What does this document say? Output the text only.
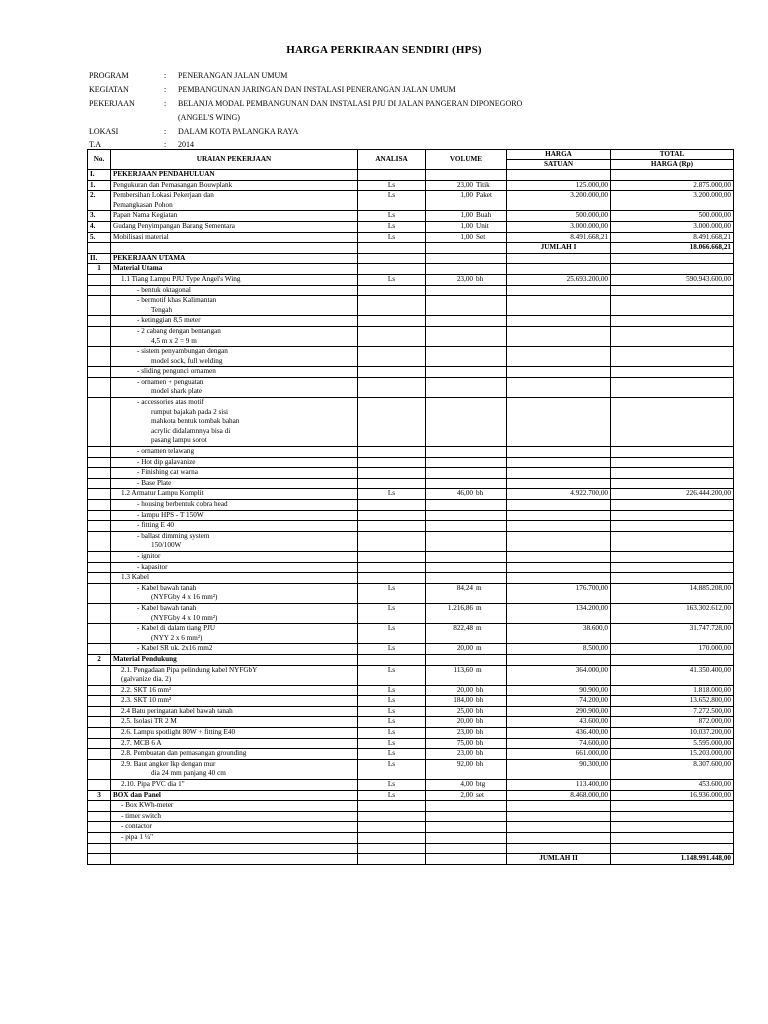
HARGA PERKIRAAN SENDIRI (HPS)
PROGRAM	: PENERANGAN JALAN UMUM
KEGIATAN	: PEMBANGUNAN JARINGAN DAN INSTALASI PENERANGAN JALAN UMUM
PEKERJAAN	: BELANJA MODAL PEMBANGUNAN DAN INSTALASI PJU DI JALAN PANGERAN DIPONEGORO
(ANGEL'S WING)
LOKASI	: DALAM KOTA PALANGKA RAYA
T.A	: 2014
No.	URAIAN PEKERJAAN	ANALISA	VOLUME	HARGA	TOTAL
				SATUAN	HARGA (Rp)
I.	PEKERJAAN PENDAHULUAN				
1.	Pengukuran dan Pemasangan Bouwplank	Ls	23,00 Titik	125.000,00	2.875.000,00
2.	Pembersihan Lokasi Pekerjaan dan	Ls	1,00 Paket	3.200.000,00	3.200.000,00
	Pemangkasan Pohon				
3.	Papan Nama Kegiatan	Ls	1,00 Buah	500.000,00	500.000,00
4.	Gudang Penyimpangan Barang Sementara	Ls	1,00 Unit	3.000.000,00	3.000.000,00
5.	Mobilisasi material	Ls	1,00 Set	8.491.668,21	8.491.668,21
				JUMLAH I	18.066.668,21
II.	PEKERJAAN UTAMA				
1	Material Utama				
	1.1 Tiang Lampu PJU Type Angel's Wing	Ls	23,00 bh	25.693.200,00	590.943.600,00
	- bentuk oktagonal				
	- bermotif khas Kalimantan				
	Tengah				
	- ketinggian 8,5 meter				
	- 2 cabang dengan bentangan				
	4,5 m x 2 = 9 m				
	- sistem penyambungan dengan				
	model sock, full welding				
	- sliding pengunci ornamen				
	- ornamen + penguatan				
	model shark plate				
	- accessories atas motif				
	rumput bajakah pada 2 sisi				
	mahkota bentuk tombak bahan				
	acrylic didalamnnya bisa di				
	pasang lampu sorot				
	- ornamen telawang				
	- Hot dip galavanize				
	- Finishing cat warna				
	- Base Plate				
	1.2 Armatur Lampu Komplit	Ls	46,00 bh	4.922.700,00	226.444.200,00
	- housing berbentuk cobra head				
	- lampu HPS - T 150W				
	- fitting E 40				
	- ballast dimming system				
	150/100W				
	- ignitor				
	- kapasitor				
	1.3 Kabel				
	- Kabel bawah tanah	Ls	84,24 m	176.700,00	14.885.208,00
	(NYFGby 4 x 16 mm²)				
	- Kabel bawah tanah	Ls	1.216,86 m	134.200,00	163.302.612,00
	(NYFGby 4 x 10 mm²)				
	- Kabel di dalam tiang PJU	Ls	822,48 m	38.600,0	31.747.728,00
	(NYY 2 x 6 mm²)				
	- Kabel SR uk. 2x16 mm2	Ls	20,00 m	8.500,00	170.000,00
2	Material Pendukung				
	2.1. Pengadaan Pipa pelindung kabel NYFGbY	Ls	113,60 m	364.000,00	41.350.400,00
	(galvanize dia. 2)				
	2.2. SKT 16 mm²	Ls	20,00 bh	90.900,00	1.818.000,00
	2.3. SKT 10 mm²	Ls	184,00 bh	74.200,00	13.652.800,00
	2.4 Batu peringatan kabel bawah tanah	Ls	25,00 bh	290.900,00	7.272.500,00
	2.5. Isolasi TR 2 M	Ls	20,00 bh	43.600,00	872.000,00
	2.6. Lampu spotlight 80W + fitting E40	Ls	23,00 bh	436.400,00	10.037.200,00
	2.7. MCB 6 A	Ls	75,00 bh	74.600,00	5.595.000,00
	2.8. Pembuatan dan pemasangan grounding	Ls	23,00 bh	661.000,00	15.203.000,00
	2.9. Baut angker lkp dengan mur	Ls	92,00 bh	90.300,00	8.307.600,00
	dia 24 mm panjang 40 cm				
	2.10. Pipa PVC dia 1"	Ls	4,00 btg	113.400,00	453.600,00
3	BOX dan Panel	Ls	2,00 set	8.468.000,00	16.936.000,00
	- Box KWh-meter				
	- timer switch				
	- contactor				
	- pipa 1 ¼"				

				JUMLAH II	1.148.991.448,00
